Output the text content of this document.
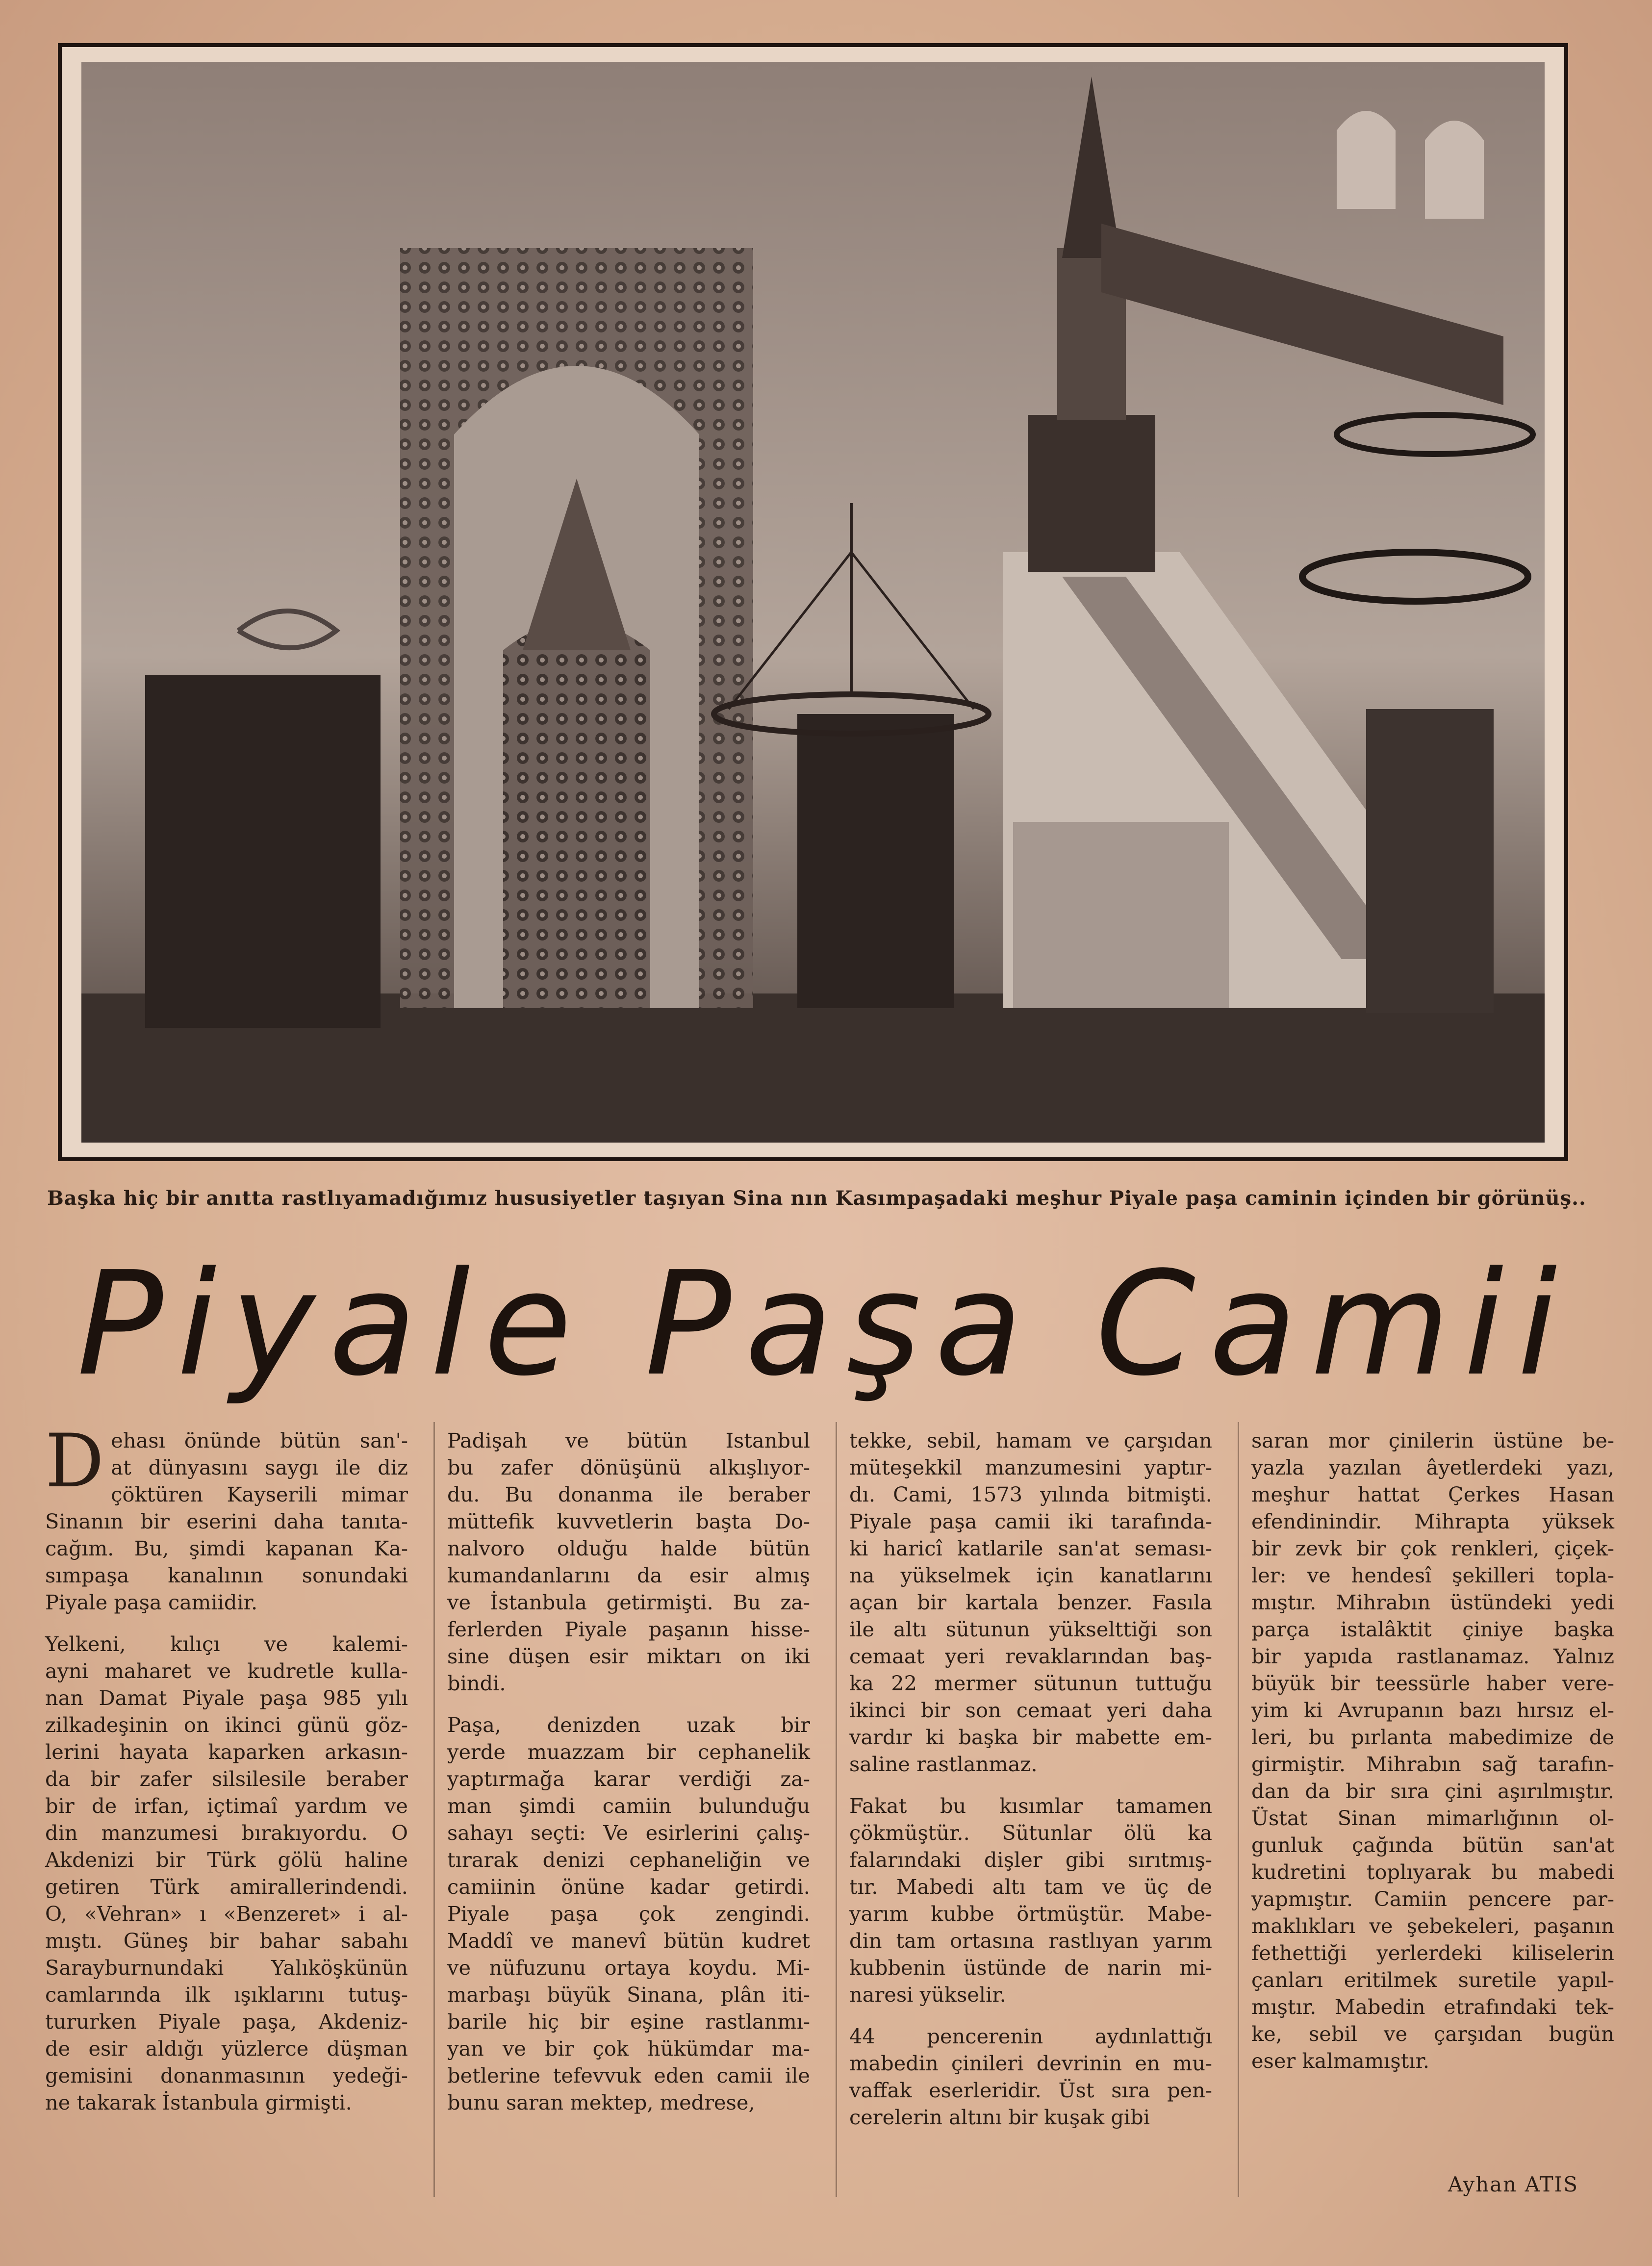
Başka hiç bir anıtta rastlıyamadığımız hususiyetler taşıyan Sina nın Kasımpaşadaki meşhur Piyale paşa caminin içinden bir görünüş..
Piyale Paşa Camii
D ehası önünde bütün san'-
at dünyasını saygı ile diz
çöktüren Kayserili mimar
Sinanın bir eserini daha tanıta-
cağım. Bu, şimdi kapanan Ka-
sımpaşa kanalının sonundaki
Piyale paşa camiidir.
Yelkeni, kılıçı ve kalemi-
ayni maharet ve kudretle kulla-
nan Damat Piyale paşa 985 yılı
zilkadeşinin on ikinci günü göz-
lerini hayata kaparken arkasın-
da bir zafer silsilesile beraber
bir de irfan, içtimaî yardım ve
din manzumesi bırakıyordu. O
Akdenizi bir Türk gölü haline
getiren Türk amirallerindendi.
O, «Vehran» ı «Benzeret» i al-
mıştı. Güneş bir bahar sabahı
Sarayburnundaki Yalıköşkünün
camlarında ilk ışıklarını tutuş-
tururken Piyale paşa, Akdeniz-
de esir aldığı yüzlerce düşman
gemisini donanmasının yedeği-
ne takarak İstanbula girmişti.
Padişah ve bütün Istanbul
bu zafer dönüşünü alkışlıyor-
du. Bu donanma ile beraber
müttefik kuvvetlerin başta Do-
nalvoro olduğu halde bütün
kumandanlarını da esir almış
ve İstanbula getirmişti. Bu za-
ferlerden Piyale paşanın hisse-
sine düşen esir miktarı on iki
bindi.
Paşa, denizden uzak bir
yerde muazzam bir cephanelik
yaptırmağa karar verdiği za-
man şimdi camiin bulunduğu
sahayı seçti: Ve esirlerini çalış-
tırarak denizi cephaneliğin ve
camiinin önüne kadar getirdi.
Piyale paşa çok zengindi.
Maddî ve manevî bütün kudret
ve nüfuzunu ortaya koydu. Mi-
marbaşı büyük Sinana, plân iti-
barile hiç bir eşine rastlanmı-
yan ve bir çok hükümdar ma-
betlerine tefevvuk eden camii ile
bunu saran mektep, medrese,
tekke, sebil, hamam ve çarşıdan
müteşekkil manzumesini yaptır-
dı. Cami, 1573 yılında bitmişti.
Piyale paşa camii iki tarafında-
ki haricî katlarile san'at seması-
na yükselmek için kanatlarını
açan bir kartala benzer. Fasıla
ile altı sütunun yükselttiği son
cemaat yeri revaklarından baş-
ka 22 mermer sütunun tuttuğu
ikinci bir son cemaat yeri daha
vardır ki başka bir mabette em-
saline rastlanmaz.
Fakat bu kısımlar tamamen
çökmüştür.. Sütunlar ölü ka
falarındaki dişler gibi sırıtmış-
tır. Mabedi altı tam ve üç de
yarım kubbe örtmüştür. Mabe-
din tam ortasına rastlıyan yarım
kubbenin üstünde de narin mi-
naresi yükselir.
44 pencerenin aydınlattığı
mabedin çinileri devrinin en mu-
vaffak eserleridir. Üst sıra pen-
cerelerin altını bir kuşak gibi
saran mor çinilerin üstüne be-
yazla yazılan âyetlerdeki yazı,
meşhur hattat Çerkes Hasan
efendinindir. Mihrapta yüksek
bir zevk bir çok renkleri, çiçek-
ler: ve hendesî şekilleri topla-
mıştır. Mihrabın üstündeki yedi
parça istalâktit çiniye başka
bir yapıda rastlanamaz. Yalnız
büyük bir teessürle haber vere-
yim ki Avrupanın bazı hırsız el-
leri, bu pırlanta mabedimize de
girmiştir. Mihrabın sağ tarafın-
dan da bir sıra çini aşırılmıştır.
Üstat Sinan mimarlığının ol-
gunluk çağında bütün san'at
kudretini toplıyarak bu mabedi
yapmıştır. Camiin pencere par-
maklıkları ve şebekeleri, paşanın
fethettiği yerlerdeki kiliselerin
çanları eritilmek suretile yapıl-
mıştır. Mabedin etrafındaki tek-
ke, sebil ve çarşıdan bugün
eser kalmamıştır.
Ayhan ATIS
